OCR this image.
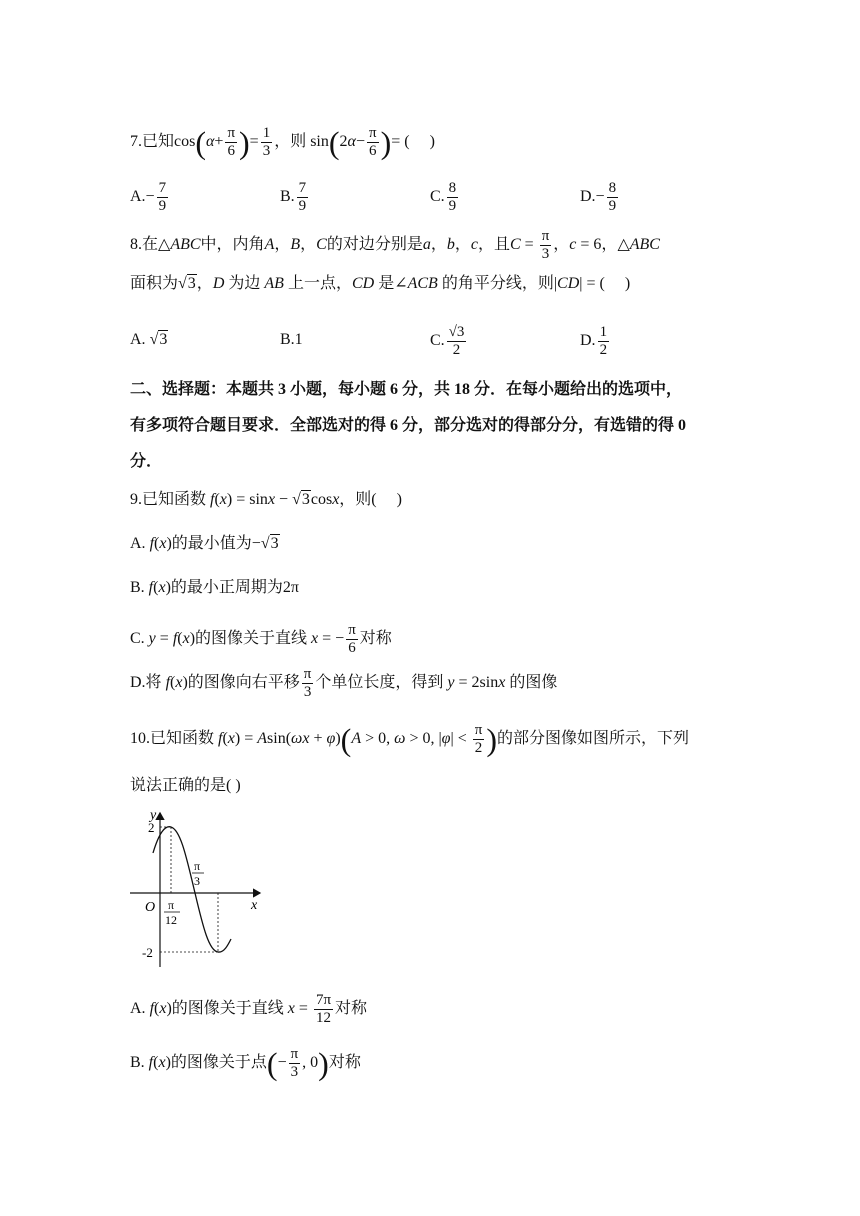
7.已知$\cos(\alpha+ \frac{\pi}{6}$ )= $\frac{1}{3}$ ，则 $\sin(2\alpha- \frac{\pi}{6}$ )= (     )
$A.- \frac{7}{9}$	B. $\frac{7}{9}$	C. $\frac{8}{9}$	$D.- \frac{8}{9}$
8.在△ABC中，内角A，B，C的对边分别是a，b，c，且$C = \frac{\pi}{3}$ ，c = 6，△ABC
面积为√3，D 为边 AB 上一点，CD 是∠ACB 的角平分线，则|CD| = (     )
A. √3	B.1	C. $\frac{√3}{2}$	D. $\frac{1}{2}$
二、选择题：本题共 3 小题，每小题 6 分，共 18 分．在每小题给出的选项中，
有多项符合题目要求．全部选对的得 6 分，部分选对的得部分分，有选错的得 0
分．
9.已知函数 f(x) = sinx − √3cosx，则(     )
A. f(x)的最小值为−√3
B. f(x)的最小正周期为2π
C. y = f(x)的图像关于直线 x = − $\frac{\pi}{6}$ 对称
D.将 f(x)的图像向右平移 $\frac{\pi}{3}$ 个单位长度，得到 y = 2sinx 的图像
10.已知函数 f(x) = Asin(ωx + φ)(A > 0, ω > 0, $|\varphi| < \frac{\pi}{2}$ )的部分图像如图所示，下列
说法正确的是( )
y
x
O
2
-2
π
12
π
3
A. f(x)的图像关于直线 $x = \frac{7\pi}{12}$ 对称
B. f(x)的图像关于点(− $\frac{\pi}{3}$ , 0)对称
